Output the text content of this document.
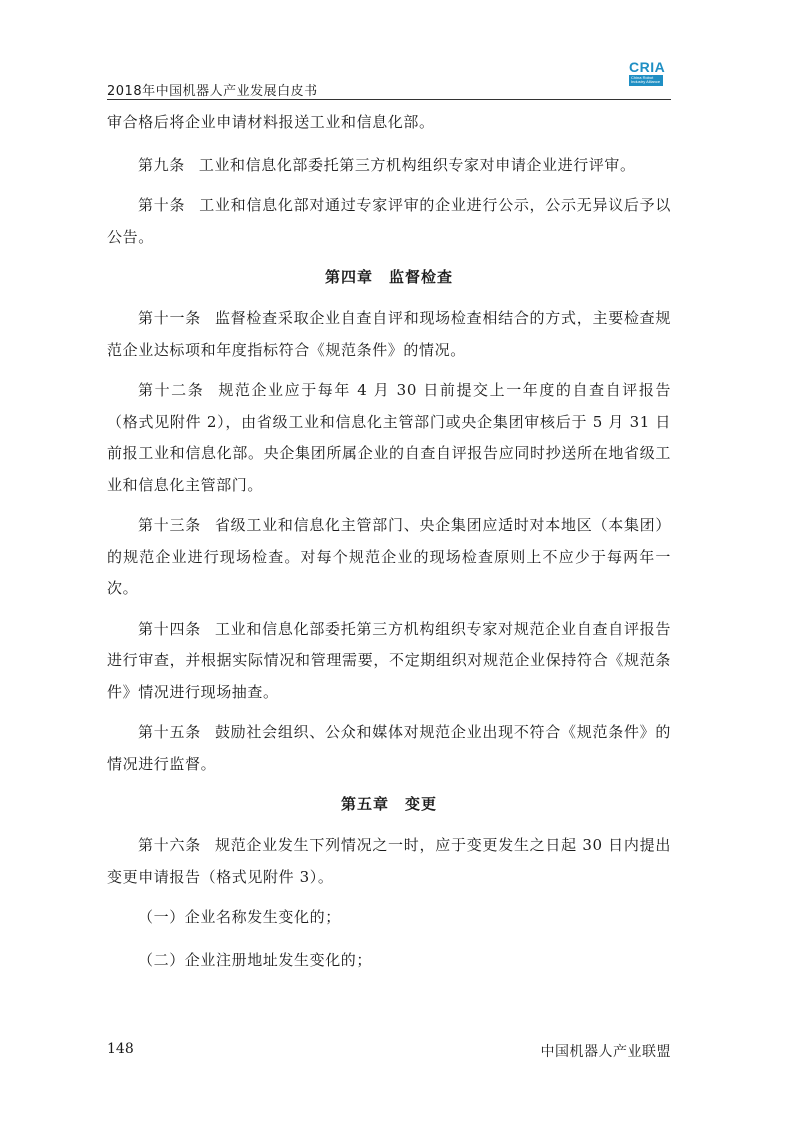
2018年中国机器人产业发展白皮书
CRIA
China Robot Industry Alliance

审合格后将企业申请材料报送工业和信息化部。

第九条 工业和信息化部委托第三方机构组织专家对申请企业进行评审。

第十条 工业和信息化部对通过专家评审的企业进行公示，公示无异议后予以公告。

第四章　监督检查

第十一条 监督检查采取企业自查自评和现场检查相结合的方式，主要检查规范企业达标项和年度指标符合《规范条件》的情况。

第十二条 规范企业应于每年 4 月 30 日前提交上一年度的自查自评报告（格式见附件 2），由省级工业和信息化主管部门或央企集团审核后于 5 月 31 日前报工业和信息化部。央企集团所属企业的自查自评报告应同时抄送所在地省级工业和信息化主管部门。

第十三条 省级工业和信息化主管部门、央企集团应适时对本地区（本集团）的规范企业进行现场检查。对每个规范企业的现场检查原则上不应少于每两年一次。

第十四条 工业和信息化部委托第三方机构组织专家对规范企业自查自评报告进行审查，并根据实际情况和管理需要，不定期组织对规范企业保持符合《规范条件》情况进行现场抽查。

第十五条 鼓励社会组织、公众和媒体对规范企业出现不符合《规范条件》的情况进行监督。

第五章　变更

第十六条 规范企业发生下列情况之一时，应于变更发生之日起 30 日内提出变更申请报告（格式见附件 3）。

（一）企业名称发生变化的；

（二）企业注册地址发生变化的；

148	中国机器人产业联盟
